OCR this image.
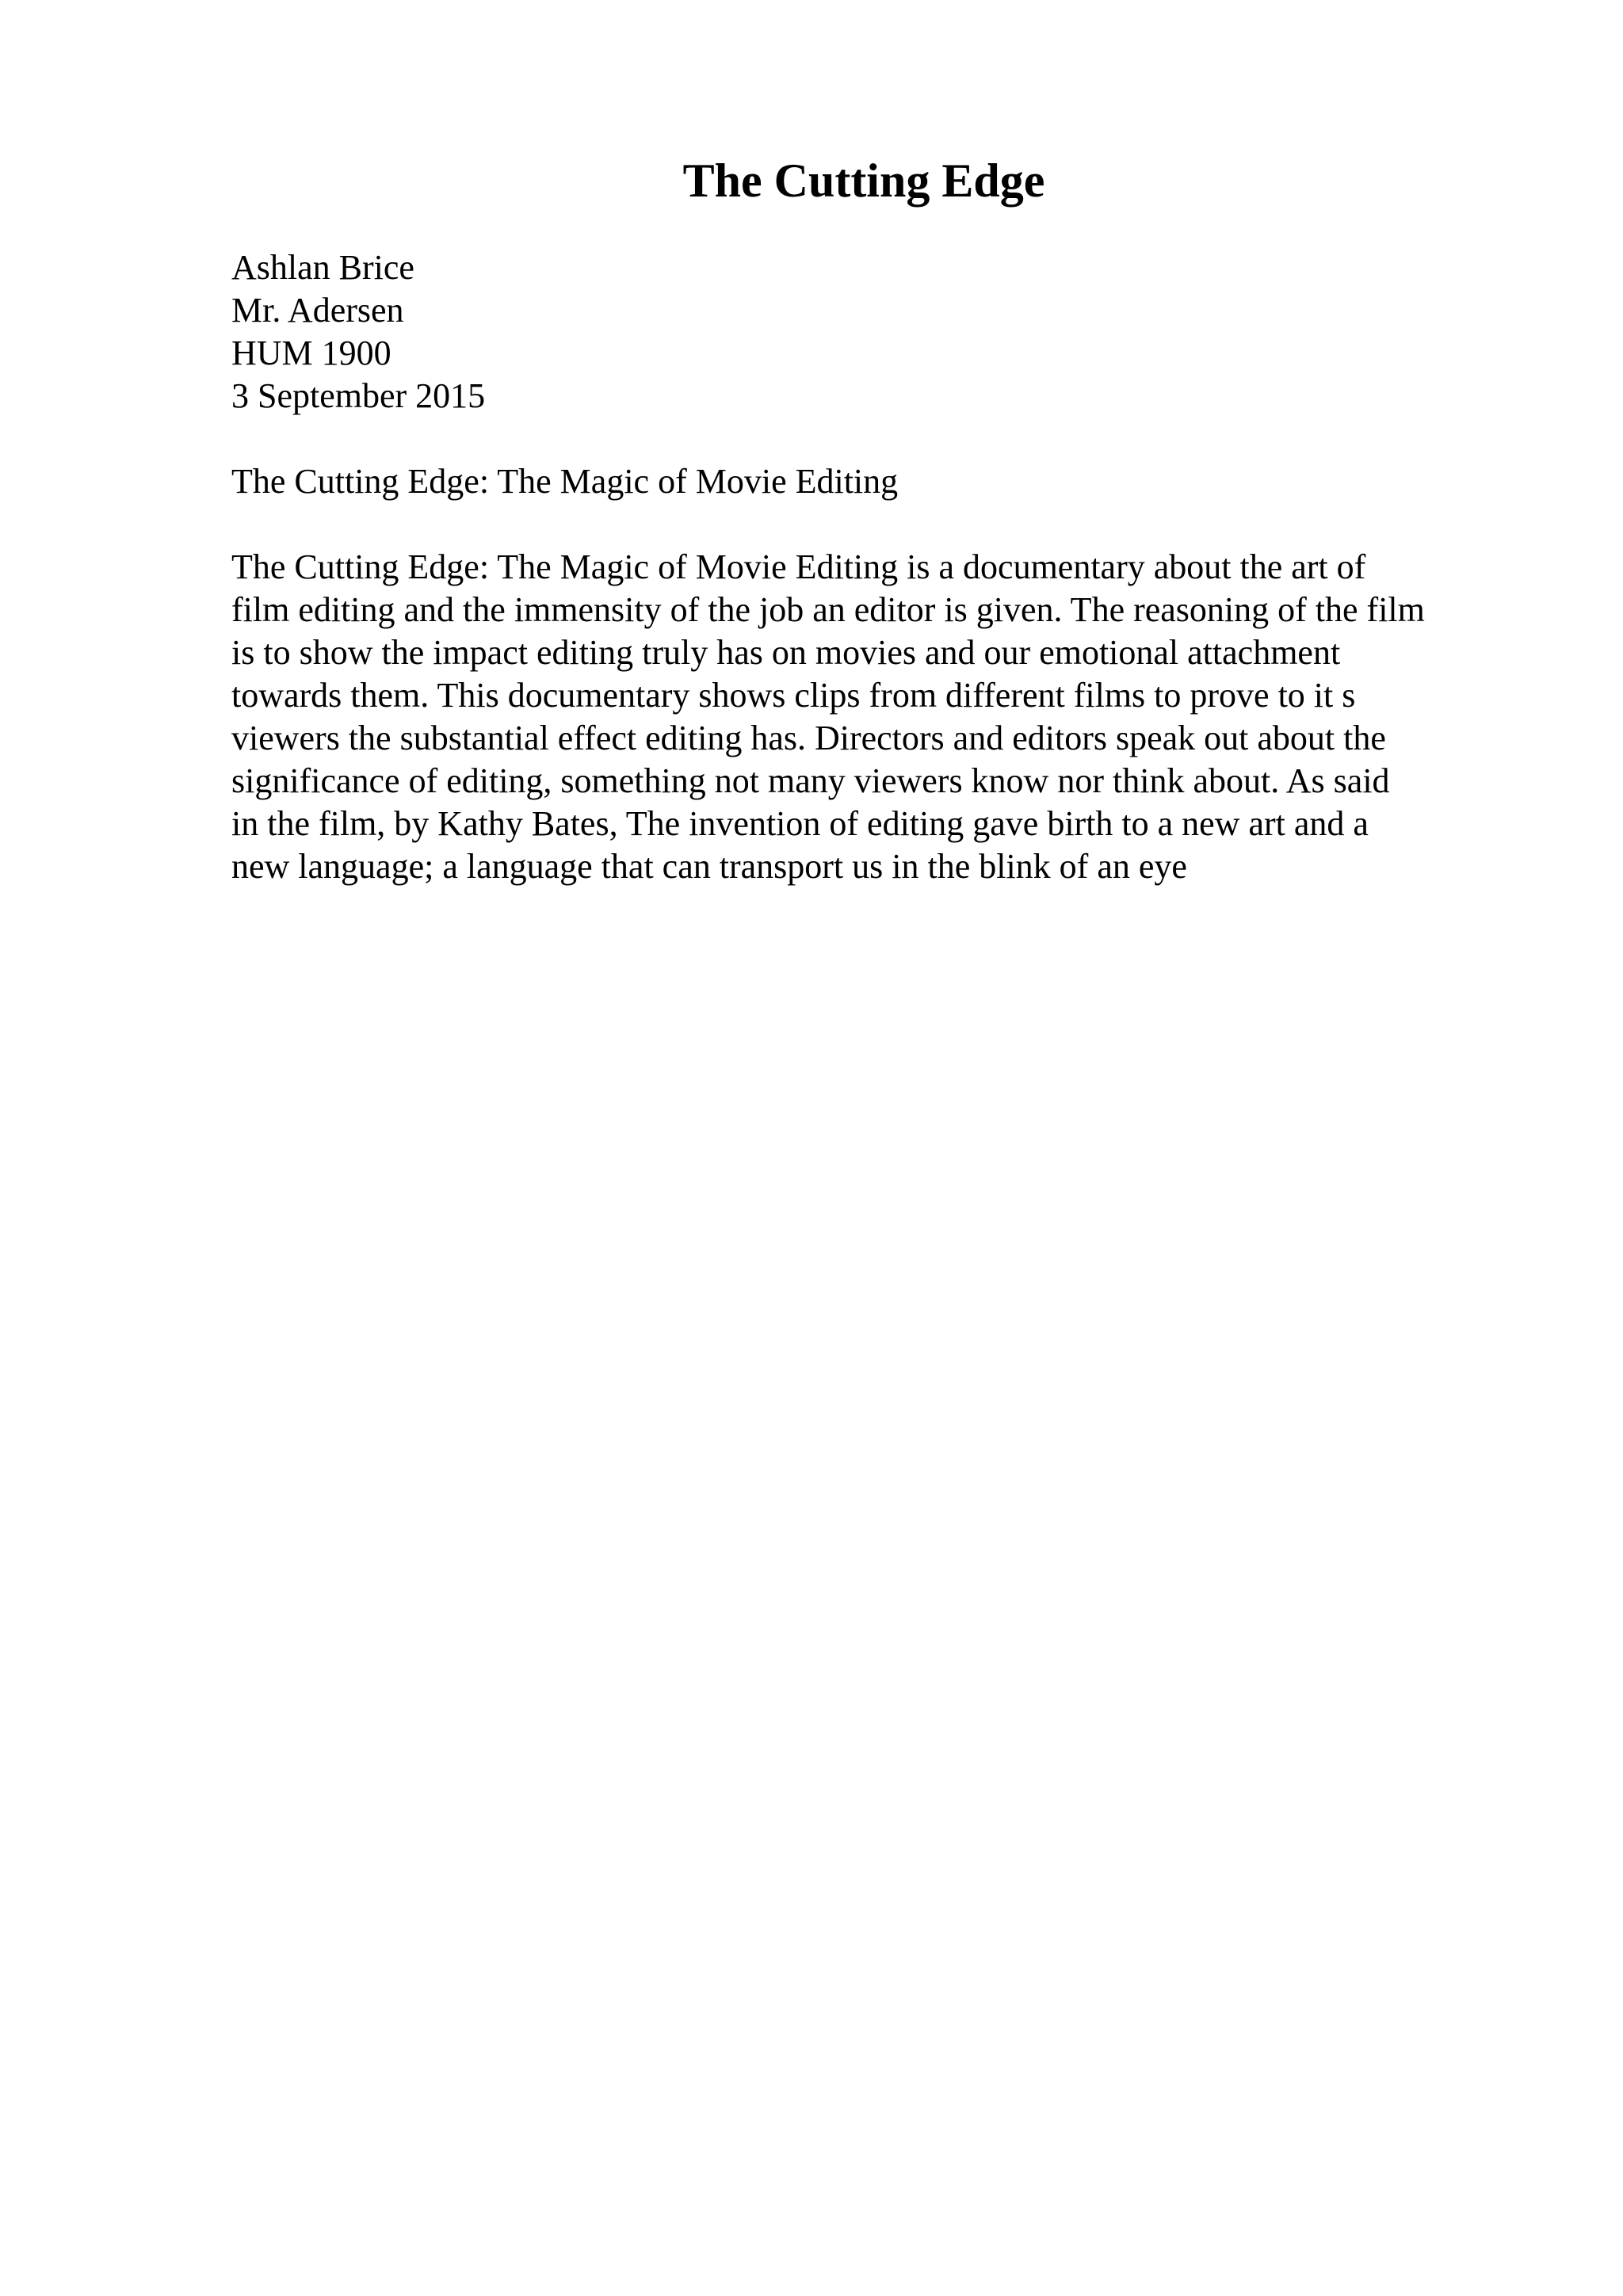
The Cutting Edge
Ashlan Brice
Mr. Adersen
HUM 1900
3 September 2015

The Cutting Edge: The Magic of Movie Editing

The Cutting Edge: The Magic of Movie Editing is a documentary about the art of
film editing and the immensity of the job an editor is given. The reasoning of the film
is to show the impact editing truly has on movies and our emotional attachment
towards them. This documentary shows clips from different films to prove to it s
viewers the substantial effect editing has. Directors and editors speak out about the
significance of editing, something not many viewers know nor think about. As said
in the film, by Kathy Bates, The invention of editing gave birth to a new art and a
new language; a language that can transport us in the blink of an eye
